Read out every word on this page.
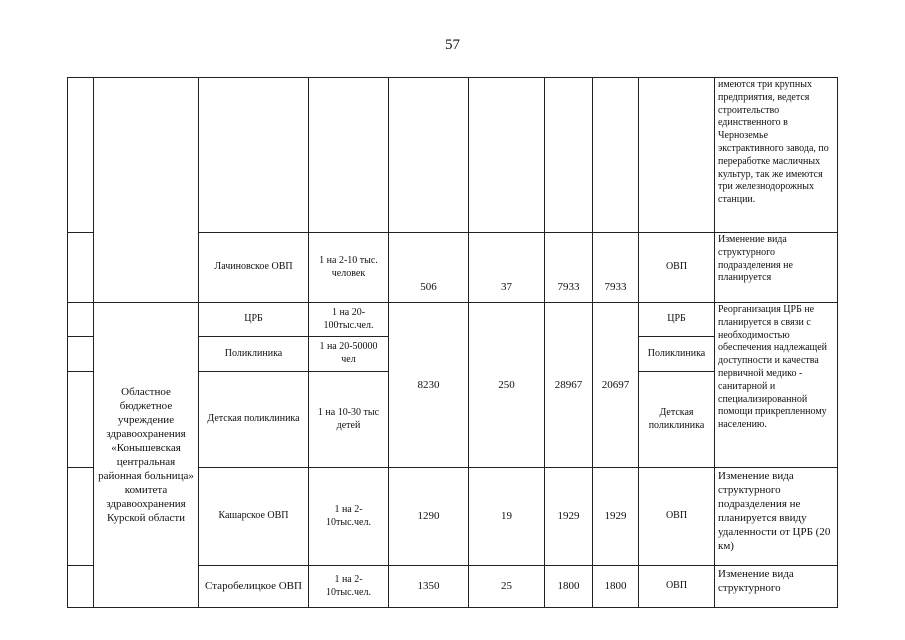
57
									имеются три крупных предприятия, ведется строительство единственного в Черноземье экстрактивного завода, по переработке масличных культур, так же имеются три железнодорожных станции.
		Лачиновское ОВП	1 на 2-10 тыс. человек	506	37	7933	7933	ОВП	Изменение вида структурного подразделения не планируется
	Областное бюджетное учреждение здравоохранения «Конышевская центральная районная больница» комитета здравоохранения Курской области	ЦРБ	1 на 20-100тыс.чел.	8230	250	28967	20697	ЦРБ	Реорганизация ЦРБ не планируется в связи с необходимостью обеспечения надлежащей доступности и качества первичной медико - санитарной и специализированной помощи прикрепленному населению.
		Поликлиника	1 на 20-50000 чел					Поликлиника	
		Детская поликлиника	1 на 10-30 тыс детей					Детская поликлиника	
		Кашарское ОВП	1 на 2-10тыс.чел.	1290	19	1929	1929	ОВП	Изменение вида структурного подразделения не планируется ввиду удаленности от ЦРБ (20 км)
		Старобелицкое ОВП	1 на 2-10тыс.чел.	1350	25	1800	1800	ОВП	Изменение вида структурного
